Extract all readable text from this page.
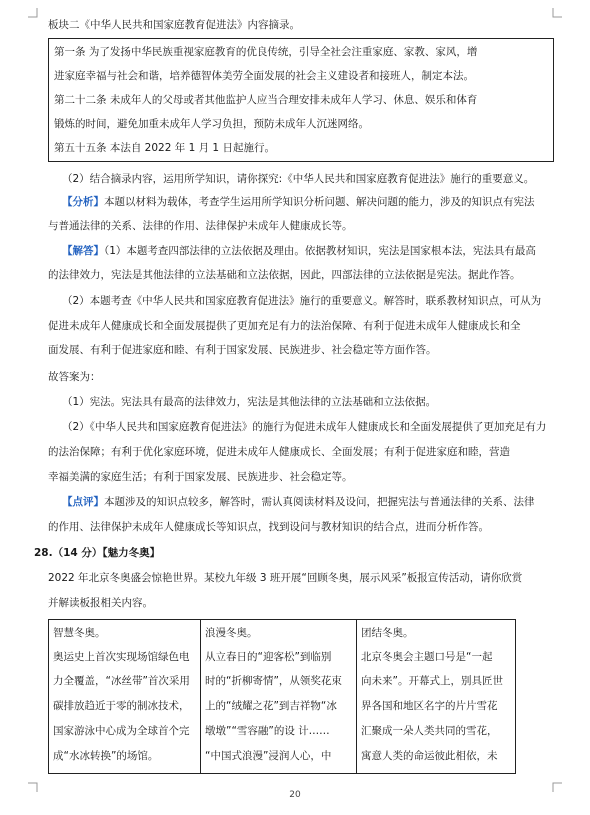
板块二《中华人民共和国家庭教育促进法》内容摘录。
第一条 为了发扬中华民族重视家庭教育的优良传统，引导全社会注重家庭、家教、家风，增
进家庭幸福与社会和谐，培养德智体美劳全面发展的社会主义建设者和接班人，制定本法。
第二十二条 未成年人的父母或者其他监护人应当合理安排未成年人学习、休息、娱乐和体育
锻炼的时间，避免加重未成年人学习负担，预防未成年人沉迷网络。
第五十五条 本法自 2022 年 1 月 1 日起施行。
（2）结合摘录内容，运用所学知识，请你探究:《中华人民共和国家庭教育促进法》施行的重要意义。
【分析】本题以材料为载体，考查学生运用所学知识分析问题、解决问题的能力，涉及的知识点有宪法
与普通法律的关系、法律的作用、法律保护未成年人健康成长等。
【解答】（1）本题考查四部法律的立法依据及理由。依据教材知识，宪法是国家根本法，宪法具有最高
的法律效力，宪法是其他法律的立法基础和立法依据，因此，四部法律的立法依据是宪法。据此作答。
（2）本题考查《中华人民共和国家庭教育促进法》施行的重要意义。解答时，联系教材知识点，可从为
促进未成年人健康成长和全面发展提供了更加充足有力的法治保障、有利于促进未成年人健康成长和全
面发展、有利于促进家庭和睦、有利于国家发展、民族进步、社会稳定等方面作答。
故答案为：
（1）宪法。宪法具有最高的法律效力，宪法是其他法律的立法基础和立法依据。
（2）《中华人民共和国家庭教育促进法》的施行为促进未成年人健康成长和全面发展提供了更加充足有力
的法治保障；有利于优化家庭环境，促进未成年人健康成长、全面发展；有利于促进家庭和睦，营造
幸福美满的家庭生活；有利于国家发展、民族进步、社会稳定等。
【点评】本题涉及的知识点较多，解答时，需认真阅读材料及设问，把握宪法与普通法律的关系、法律
的作用、法律保护未成年人健康成长等知识点，找到设问与教材知识的结合点，进而分析作答。
28.（14 分）【魅力冬奥】
2022 年北京冬奥盛会惊艳世界。某校九年级 3 班开展“回顾冬奥，展示风采”板报宣传活动，请你欣赏
并解读板报相关内容。
智慧冬奥。
奥运史上首次实现场馆绿色电
力全覆盖，“冰丝带”首次采用
碳排放趋近于零的制冰技术，
国家游泳中心成为全球首个完
成“水冰转换”的场馆。
浪漫冬奥。
从立春日的“迎客松”到临别
时的“折柳寄情”，从领奖花束
上的“绒耀之花”到吉祥物“冰
墩墩”“雪容融”的设 计……
“中国式浪漫”浸润人心，中
团结冬奥。
北京冬奥会主题口号是“一起
向未来”。开幕式上，别具匠世
界各国和地区名字的片片雪花
汇聚成一朵人类共同的雪花，
寓意人类的命运彼此相依，未
20
